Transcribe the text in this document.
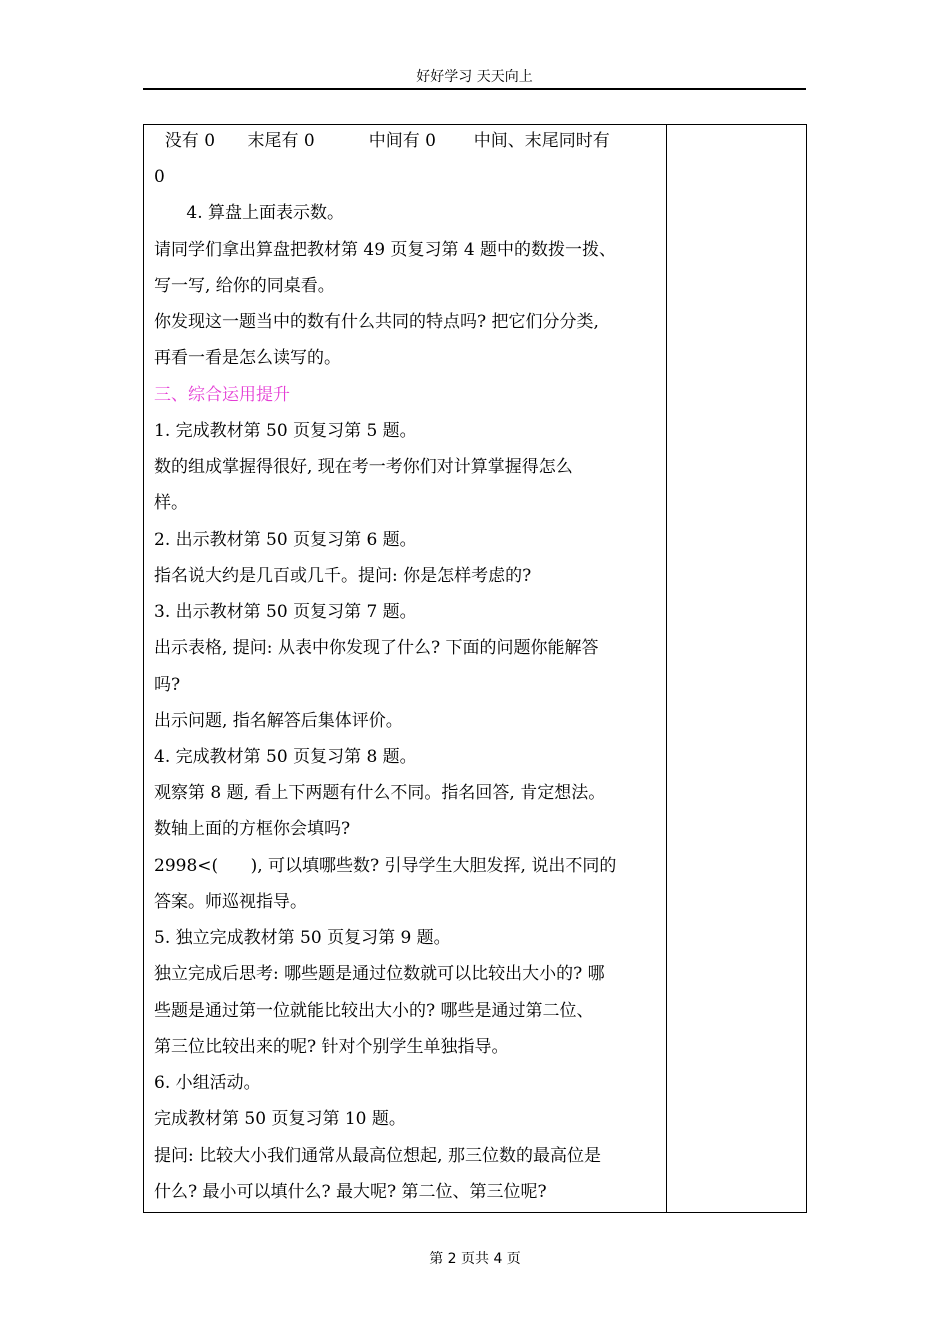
好好学习 天天向上
没有 0      末尾有 0          中间有 0       中间、末尾同时有
0
4. 算盘上面表示数。
请同学们拿出算盘把教材第 49 页复习第 4 题中的数拨一拨、
写一写, 给你的同桌看。
你发现这一题当中的数有什么共同的特点吗? 把它们分分类,
再看一看是怎么读写的。
三、综合运用提升
1. 完成教材第 50 页复习第 5 题。
数的组成掌握得很好, 现在考一考你们对计算掌握得怎么
样。
2. 出示教材第 50 页复习第 6 题。
指名说大约是几百或几千。提问: 你是怎样考虑的?
3. 出示教材第 50 页复习第 7 题。
出示表格, 提问: 从表中你发现了什么? 下面的问题你能解答
吗?
出示问题, 指名解答后集体评价。
4. 完成教材第 50 页复习第 8 题。
观察第 8 题, 看上下两题有什么不同。指名回答, 肯定想法。
数轴上面的方框你会填吗?
2998<(      ), 可以填哪些数? 引导学生大胆发挥, 说出不同的
答案。师巡视指导。
5. 独立完成教材第 50 页复习第 9 题。
独立完成后思考: 哪些题是通过位数就可以比较出大小的? 哪
些题是通过第一位就能比较出大小的? 哪些是通过第二位、
第三位比较出来的呢? 针对个别学生单独指导。
6. 小组活动。
完成教材第 50 页复习第 10 题。
提问: 比较大小我们通常从最高位想起, 那三位数的最高位是
什么? 最小可以填什么? 最大呢? 第二位、第三位呢?
第 2 页共 4 页
